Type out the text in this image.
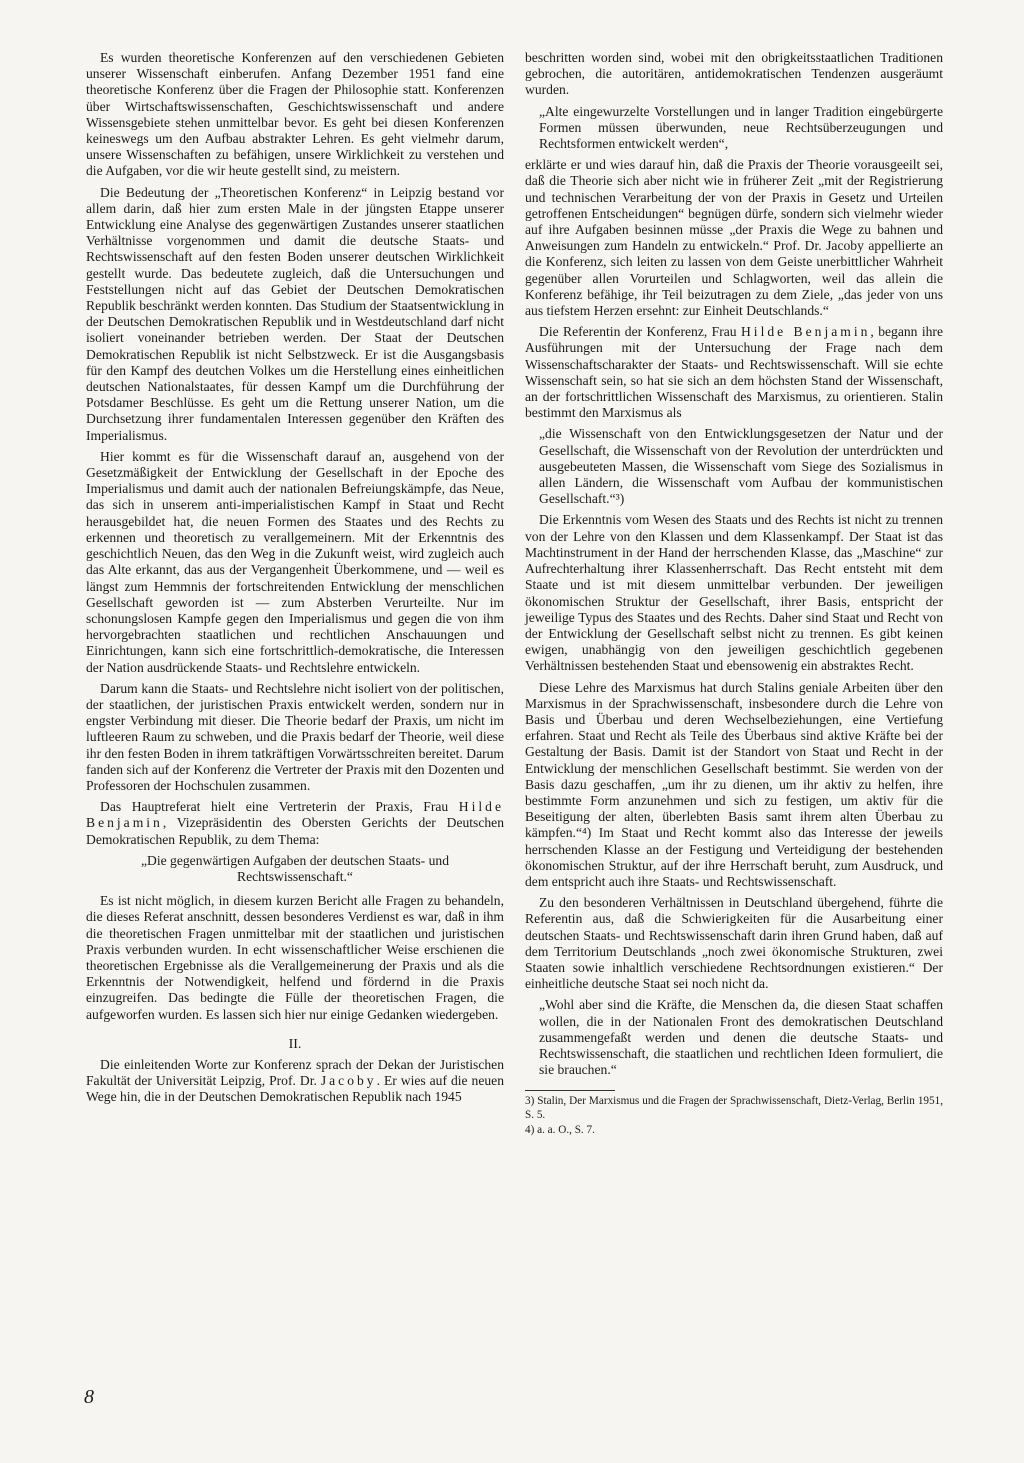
Es wurden theoretische Konferenzen auf den verschiedenen Gebieten unserer Wissenschaft einberufen. Anfang Dezember 1951 fand eine theoretische Konferenz über die Fragen der Philosophie statt. Konferenzen über Wirtschaftswissenschaften, Geschichtswissenschaft und andere Wissensgebiete stehen unmittelbar bevor. Es geht bei diesen Konferenzen keineswegs um den Aufbau abstrakter Lehren. Es geht vielmehr darum, unsere Wissenschaften zu befähigen, unsere Wirklichkeit zu verstehen und die Aufgaben, vor die wir heute gestellt sind, zu meistern.

Die Bedeutung der „Theoretischen Konferenz“ in Leipzig bestand vor allem darin, daß hier zum ersten Male in der jüngsten Etappe unserer Entwicklung eine Analyse des gegenwärtigen Zustandes unserer staatlichen Verhältnisse vorgenommen und damit die deutsche Staats- und Rechtswissenschaft auf den festen Boden unserer deutschen Wirklichkeit gestellt wurde. Das bedeutete zugleich, daß die Untersuchungen und Feststellungen nicht auf das Gebiet der Deutschen Demokratischen Republik beschränkt werden konnten. Das Studium der Staatsentwicklung in der Deutschen Demokratischen Republik und in Westdeutschland darf nicht isoliert voneinander betrieben werden. Der Staat der Deutschen Demokratischen Republik ist nicht Selbstzweck. Er ist die Ausgangsbasis für den Kampf des deutchen Volkes um die Herstellung eines einheitlichen deutschen Nationalstaates, für dessen Kampf um die Durchführung der Potsdamer Beschlüsse. Es geht um die Rettung unserer Nation, um die Durchsetzung ihrer fundamentalen Interessen gegenüber den Kräften des Imperialismus.

Hier kommt es für die Wissenschaft darauf an, ausgehend von der Gesetzmäßigkeit der Entwicklung der Gesellschaft in der Epoche des Imperialismus und damit auch der nationalen Befreiungskämpfe, das Neue, das sich in unserem anti-imperialistischen Kampf in Staat und Recht herausgebildet hat, die neuen Formen des Staates und des Rechts zu erkennen und theoretisch zu verallgemeinern. Mit der Erkenntnis des geschichtlich Neuen, das den Weg in die Zukunft weist, wird zugleich auch das Alte erkannt, das aus der Vergangenheit Überkommene, und — weil es längst zum Hemmnis der fortschreitenden Entwicklung der menschlichen Gesellschaft geworden ist — zum Absterben Verurteilte. Nur im schonungslosen Kampfe gegen den Imperialismus und gegen die von ihm hervorgebrachten staatlichen und rechtlichen Anschauungen und Einrichtungen, kann sich eine fortschrittlich-demokratische, die Interessen der Nation ausdrückende Staats- und Rechtslehre entwickeln.

Darum kann die Staats- und Rechtslehre nicht isoliert von der politischen, der staatlichen, der juristischen Praxis entwickelt werden, sondern nur in engster Verbindung mit dieser. Die Theorie bedarf der Praxis, um nicht im luftleeren Raum zu schweben, und die Praxis bedarf der Theorie, weil diese ihr den festen Boden in ihrem tatkräftigen Vorwärtsschreiten bereitet. Darum fanden sich auf der Konferenz die Vertreter der Praxis mit den Dozenten und Professoren der Hochschulen zusammen.

Das Hauptreferat hielt eine Vertreterin der Praxis, Frau Hilde Benjamin, Vizepräsidentin des Obersten Gerichts der Deutschen Demokratischen Republik, zu dem Thema:

„Die gegenwärtigen Aufgaben der deutschen Staats- und Rechtswissenschaft.“

Es ist nicht möglich, in diesem kurzen Bericht alle Fragen zu behandeln, die dieses Referat anschnitt, dessen besonderes Verdienst es war, daß in ihm die theoretischen Fragen unmittelbar mit der staatlichen und juristischen Praxis verbunden wurden. In echt wissenschaftlicher Weise erschienen die theoretischen Ergebnisse als die Verallgemeinerung der Praxis und als die Erkenntnis der Notwendigkeit, helfend und fördernd in die Praxis einzugreifen. Das bedingte die Fülle der theoretischen Fragen, die aufgeworfen wurden. Es lassen sich hier nur einige Gedanken wiedergeben.

II.

Die einleitenden Worte zur Konferenz sprach der Dekan der Juristischen Fakultät der Universität Leipzig, Prof. Dr. Jacoby. Er wies auf die neuen Wege hin, die in der Deutschen Demokratischen Republik nach 1945

beschritten worden sind, wobei mit den obrigkeitsstaatlichen Traditionen gebrochen, die autoritären, antidemokratischen Tendenzen ausgeräumt wurden.

„Alte eingewurzelte Vorstellungen und in langer Tradition eingebürgerte Formen müssen überwunden, neue Rechtsüberzeugungen und Rechtsformen entwickelt werden“,

erklärte er und wies darauf hin, daß die Praxis der Theorie vorausgeeilt sei, daß die Theorie sich aber nicht wie in früherer Zeit „mit der Registrierung und technischen Verarbeitung der von der Praxis in Gesetz und Urteilen getroffenen Entscheidungen“ begnügen dürfe, sondern sich vielmehr wieder auf ihre Aufgaben besinnen müsse „der Praxis die Wege zu bahnen und Anweisungen zum Handeln zu entwickeln.“ Prof. Dr. Jacoby appellierte an die Konferenz, sich leiten zu lassen von dem Geiste unerbittlicher Wahrheit gegenüber allen Vorurteilen und Schlagworten, weil das allein die Konferenz befähige, ihr Teil beizutragen zu dem Ziele, „das jeder von uns aus tiefstem Herzen ersehnt: zur Einheit Deutschlands.“

Die Referentin der Konferenz, Frau Hilde Benjamin, begann ihre Ausführungen mit der Untersuchung der Frage nach dem Wissenschaftscharakter der Staats- und Rechtswissenschaft. Will sie echte Wissenschaft sein, so hat sie sich an dem höchsten Stand der Wissenschaft, an der fortschrittlichen Wissenschaft des Marxismus, zu orientieren. Stalin bestimmt den Marxismus als

„die Wissenschaft von den Entwicklungsgesetzen der Natur und der Gesellschaft, die Wissenschaft von der Revolution der unterdrückten und ausgebeuteten Massen, die Wissenschaft vom Siege des Sozialismus in allen Ländern, die Wissenschaft vom Aufbau der kommunistischen Gesellschaft.“³)

Die Erkenntnis vom Wesen des Staats und des Rechts ist nicht zu trennen von der Lehre von den Klassen und dem Klassenkampf. Der Staat ist das Machtinstrument in der Hand der herrschenden Klasse, das „Maschine“ zur Aufrechterhaltung ihrer Klassenherrschaft. Das Recht entsteht mit dem Staate und ist mit diesem unmittelbar verbunden. Der jeweiligen ökonomischen Struktur der Gesellschaft, ihrer Basis, entspricht der jeweilige Typus des Staates und des Rechts. Daher sind Staat und Recht von der Entwicklung der Gesellschaft selbst nicht zu trennen. Es gibt keinen ewigen, unabhängig von den jeweiligen geschichtlich gegebenen Verhältnissen bestehenden Staat und ebensowenig ein abstraktes Recht.

Diese Lehre des Marxismus hat durch Stalins geniale Arbeiten über den Marxismus in der Sprachwissenschaft, insbesondere durch die Lehre von Basis und Überbau und deren Wechselbeziehungen, eine Vertiefung erfahren. Staat und Recht als Teile des Überbaus sind aktive Kräfte bei der Gestaltung der Basis. Damit ist der Standort von Staat und Recht in der Entwicklung der menschlichen Gesellschaft bestimmt. Sie werden von der Basis dazu geschaffen, „um ihr zu dienen, um ihr aktiv zu helfen, ihre bestimmte Form anzunehmen und sich zu festigen, um aktiv für die Beseitigung der alten, überlebten Basis samt ihrem alten Überbau zu kämpfen.“⁴) Im Staat und Recht kommt also das Interesse der jeweils herrschenden Klasse an der Festigung und Verteidigung der bestehenden ökonomischen Struktur, auf der ihre Herrschaft beruht, zum Ausdruck, und dem entspricht auch ihre Staats- und Rechtswissenschaft.

Zu den besonderen Verhältnissen in Deutschland übergehend, führte die Referentin aus, daß die Schwierigkeiten für die Ausarbeitung einer deutschen Staats- und Rechtswissenschaft darin ihren Grund haben, daß auf dem Territorium Deutschlands „noch zwei ökonomische Strukturen, zwei Staaten sowie inhaltlich verschiedene Rechtsordnungen existieren.“ Der einheitliche deutsche Staat sei noch nicht da.

„Wohl aber sind die Kräfte, die Menschen da, die diesen Staat schaffen wollen, die in der Nationalen Front des demokratischen Deutschland zusammengefaßt werden und denen die deutsche Staats- und Rechtswissenschaft, die staatlichen und rechtlichen Ideen formuliert, die sie brauchen.“

3) Stalin, Der Marxismus und die Fragen der Sprachwissenschaft, Dietz-Verlag, Berlin 1951, S. 5.

4) a. a. O., S. 7.

8
